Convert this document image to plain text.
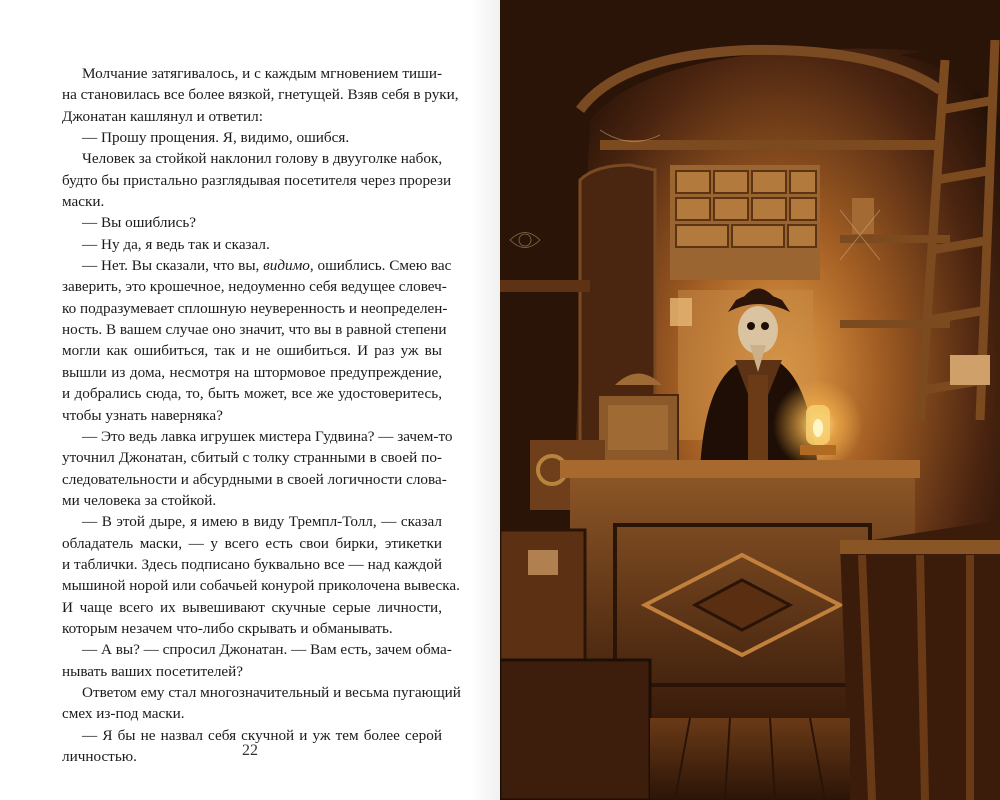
Молчание затягивалось, и с каждым мгновением тиши-
на становилась все более вязкой, гнетущей. Взяв себя в руки,
Джонатан кашлянул и ответил:
— Прошу прощения. Я, видимо, ошибся.
Человек за стойкой наклонил голову в двууголке набок,
будто бы пристально разглядывая посетителя через прорези
маски.
— Вы ошиблись?
— Ну да, я ведь так и сказал.
— Нет. Вы сказали, что вы, видимо, ошиблись. Смею вас
заверить, это крошечное, недоуменно себя ведущее словеч-
ко подразумевает сплошную неуверенность и неопределен-
ность. В вашем случае оно значит, что вы в равной степени
могли как ошибиться, так и не ошибиться. И раз уж вы
вышли из дома, несмотря на штормовое предупреждение,
и добрались сюда, то, быть может, все же удостоверитесь,
чтобы узнать наверняка?
— Это ведь лавка игрушек мистера Гудвина? — зачем-то
уточнил Джонатан, сбитый с толку странными в своей по-
следовательности и абсурдными в своей логичности слова-
ми человека за стойкой.
— В этой дыре, я имею в виду Тремпл-Толл, — сказал
обладатель маски, — у всего есть свои бирки, этикетки
и таблички. Здесь подписано буквально все — над каждой
мышиной норой или собачьей конурой приколочена вывеска.
И чаще всего их вывешивают скучные серые личности,
которым незачем что-либо скрывать и обманывать.
— А вы? — спросил Джонатан. — Вам есть, зачем обма-
нывать ваших посетителей?
Ответом ему стал многозначительный и весьма пугающий
смех из-под маски.
— Я бы не назвал себя скучной и уж тем более серой
личностью.	22
